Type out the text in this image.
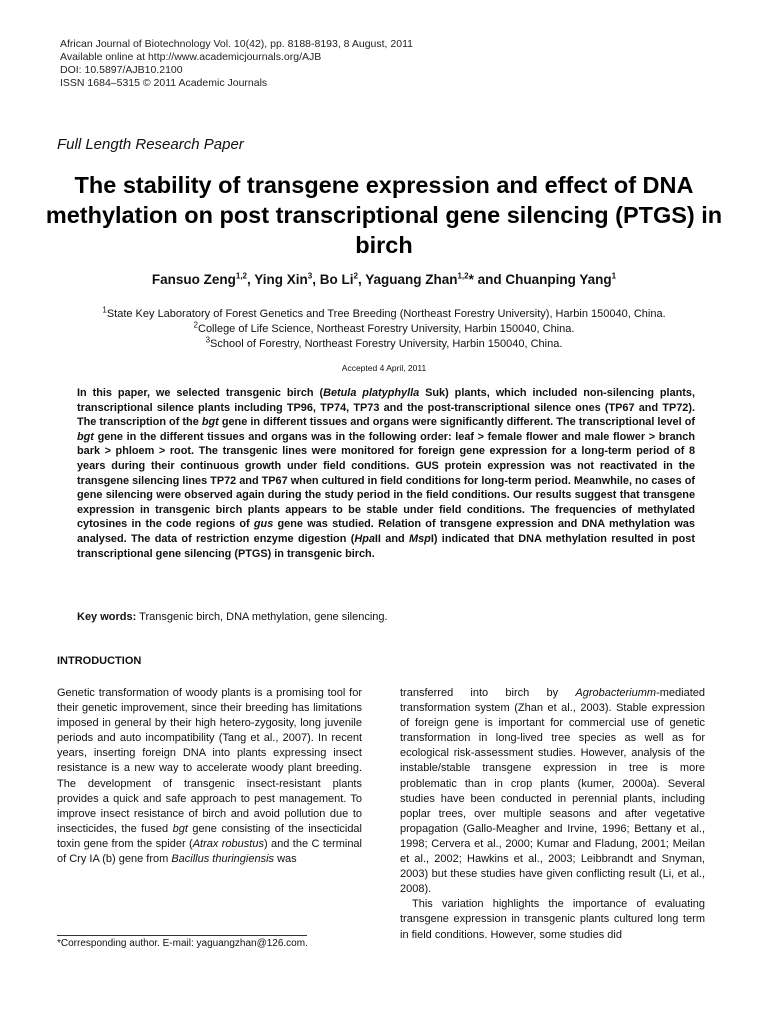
African Journal of Biotechnology Vol. 10(42), pp. 8188-8193, 8 August, 2011
Available online at http://www.academicjournals.org/AJB
DOI: 10.5897/AJB10.2100
ISSN 1684–5315 © 2011 Academic Journals
Full Length Research Paper
The stability of transgene expression and effect of DNA methylation on post transcriptional gene silencing (PTGS) in birch
Fansuo Zeng$^{1,2}$, Ying Xin$^3$, Bo Li$^2$, Yaguang Zhan$^{1,2}$* and Chuanping Yang$^1$
$^1$State Key Laboratory of Forest Genetics and Tree Breeding (Northeast Forestry University), Harbin 150040, China.
$^2$College of Life Science, Northeast Forestry University, Harbin 150040, China.
$^3$School of Forestry, Northeast Forestry University, Harbin 150040, China.
Accepted 4 April, 2011
In this paper, we selected transgenic birch (Betula platyphylla Suk) plants, which included non-silencing plants, transcriptional silence plants including TP96, TP74, TP73 and the post-transcriptional silence ones (TP67 and TP72). The transcription of the bgt gene in different tissues and organs were significantly different. The transcriptional level of bgt gene in the different tissues and organs was in the following order: leaf > female flower and male flower > branch bark > phloem > root. The transgenic lines were monitored for foreign gene expression for a long-term period of 8 years during their continuous growth under field conditions. GUS protein expression was not reactivated in the transgene silencing lines TP72 and TP67 when cultured in field conditions for long-term period. Meanwhile, no cases of gene silencing were observed again during the study period in the field conditions. Our results suggest that transgene expression in transgenic birch plants appears to be stable under field conditions. The frequencies of methylated cytosines in the code regions of gus gene was studied. Relation of transgene expression and DNA methylation was analysed. The data of restriction enzyme digestion (HpaII and MspI) indicated that DNA methylation resulted in post transcriptional gene silencing (PTGS) in transgenic birch.
Key words: Transgenic birch, DNA methylation, gene silencing.
INTRODUCTION

Genetic transformation of woody plants is a promising tool for their genetic improvement, since their breeding has limitations imposed in general by their high hetero-zygosity, long juvenile periods and auto incompatibility (Tang et al., 2007). In recent years, inserting foreign DNA into plants expressing insect resistance is a new way to accelerate woody plant breeding. The development of transgenic insect-resistant plants provides a quick and safe approach to pest management. To improve insect resistance of birch and avoid pollution due to insecticides, the fused bgt gene consisting of the insecticidal toxin gene from the spider (Atrax robustus) and the C terminal of Cry IA (b) gene from Bacillus thuringiensis was

transferred into birch by Agrobacteriumm-mediated transformation system (Zhan et al., 2003). Stable expression of foreign gene is important for commercial use of genetic transformation in long-lived tree species as well as for ecological risk-assessment studies. However, analysis of the instable/stable transgene expression in tree is more problematic than in crop plants (kumer, 2000a). Several studies have been conducted in perennial plants, including poplar trees, over multiple seasons and after vegetative propagation (Gallo-Meagher and Irvine, 1996; Bettany et al., 1998; Cervera et al., 2000; Kumar and Fladung, 2001; Meilan et al., 2002; Hawkins et al., 2003; Leibbrandt and Snyman, 2003) but these studies have given conflicting result (Li, et al., 2008).

This variation highlights the importance of evaluating transgene expression in transgenic plants cultured long term in field conditions. However, some studies did

*Corresponding author. E-mail: yaguangzhan@126.com.
